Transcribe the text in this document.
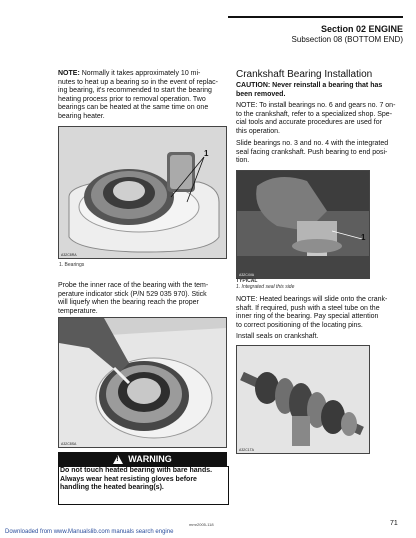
Section 02 ENGINE
Subsection 08 (BOTTOM END)
NOTE: Normally it takes approximately 10 mi-
nutes to heat up a bearing so in the event of replac-
ing bearing, it's recommended to start the bearing
heating process prior to removal operation. Two
bearings can be heated at the same time on one
bearing heater.
1
A32C8RA
1. Bearings
Probe the inner race of the bearing with the tem-
perature indicator stick (P/N 529 035 970). Stick
will liquefy when the bearing reach the proper
temperature.
A32C8SA
! WARNING
Do not touch heated bearing with bare hands.
Always wear heat resisting gloves before
handling the heated bearing(s).
Crankshaft Bearing Installation
CAUTION: Never reinstall a bearing that has
been removed.
NOTE: To install bearings no. 6 and gears no. 7 on-
to the crankshaft, refer to a specialized shop. Spe-
cial tools and accurate procedures are used for
this operation.
Slide bearings no. 3 and no. 4 with the integrated
seal facing crankshaft. Push bearing to end posi-
tion.
1
A32C4VA
TYPICAL
1. Integrated seal this side
NOTE: Heated bearings will slide onto the crank-
shaft. If required, push with a steel tube on the
inner ring of the bearing. Pay special attention
to correct positioning of the locating pins.
Install seals on crankshaft.
A32C1TA
mmr2005-118	71
Downloaded from www.Manualslib.com manuals search engine
